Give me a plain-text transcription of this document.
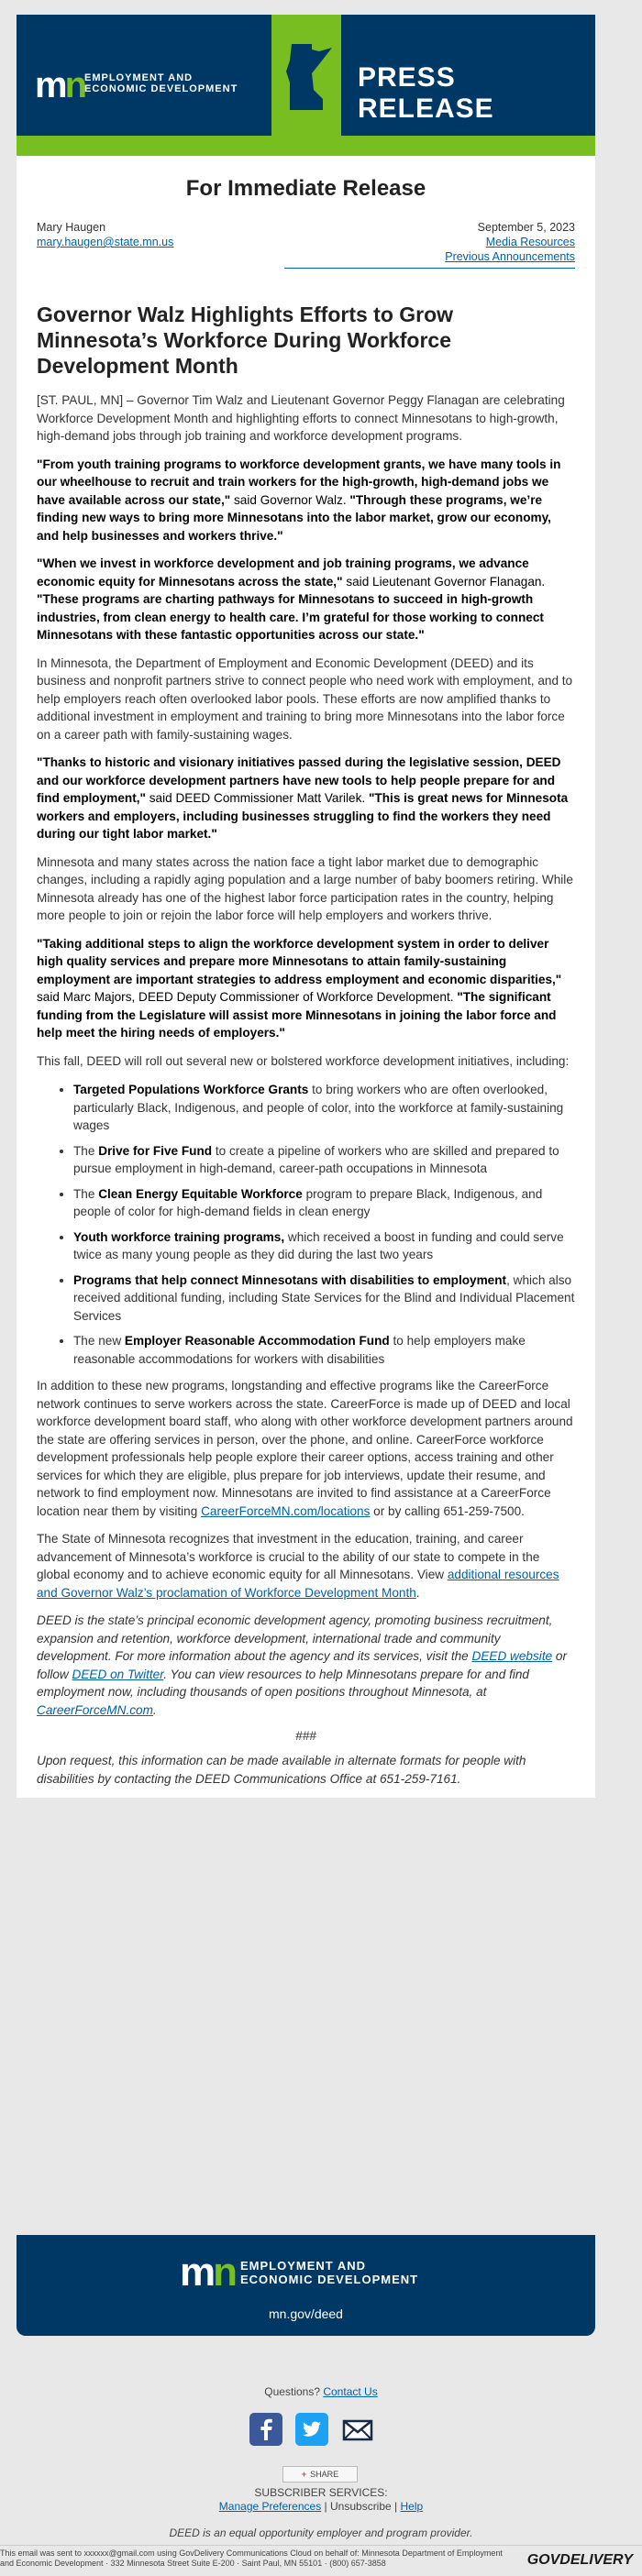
mn EMPLOYMENT AND
ECONOMIC DEVELOPMENT	PRESS RELEASE
For Immediate Release
Mary Haugen
mary.haugen@state.mn.us
September 5, 2023
Media Resources
Previous Announcements
Governor Walz Highlights Efforts to Grow Minnesota’s Workforce During Workforce Development Month

[ST. PAUL, MN] – Governor Tim Walz and Lieutenant Governor Peggy Flanagan are celebrating Workforce Development Month and highlighting efforts to connect Minnesotans to high-growth, high-demand jobs through job training and workforce development programs.

"From youth training programs to workforce development grants, we have many tools in our wheelhouse to recruit and train workers for the high-growth, high-demand jobs we have available across our state," said Governor Walz. "Through these programs, we’re finding new ways to bring more Minnesotans into the labor market, grow our economy, and help businesses and workers thrive."

"When we invest in workforce development and job training programs, we advance economic equity for Minnesotans across the state," said Lieutenant Governor Flanagan. "These programs are charting pathways for Minnesotans to succeed in high-growth industries, from clean energy to health care. I’m grateful for those working to connect Minnesotans with these fantastic opportunities across our state."

In Minnesota, the Department of Employment and Economic Development (DEED) and its business and nonprofit partners strive to connect people who need work with employment, and to help employers reach often overlooked labor pools. These efforts are now amplified thanks to additional investment in employment and training to bring more Minnesotans into the labor force on a career path with family-sustaining wages.

"Thanks to historic and visionary initiatives passed during the legislative session, DEED and our workforce development partners have new tools to help people prepare for and find employment," said DEED Commissioner Matt Varilek. "This is great news for Minnesota workers and employers, including businesses struggling to find the workers they need during our tight labor market."

Minnesota and many states across the nation face a tight labor market due to demographic changes, including a rapidly aging population and a large number of baby boomers retiring. While Minnesota already has one of the highest labor force participation rates in the country, helping more people to join or rejoin the labor force will help employers and workers thrive.

"Taking additional steps to align the workforce development system in order to deliver high quality services and prepare more Minnesotans to attain family-sustaining employment are important strategies to address employment and economic disparities," said Marc Majors, DEED Deputy Commissioner of Workforce Development. "The significant funding from the Legislature will assist more Minnesotans in joining the labor force and help meet the hiring needs of employers."

This fall, DEED will roll out several new or bolstered workforce development initiatives, including:

• Targeted Populations Workforce Grants to bring workers who are often overlooked, particularly Black, Indigenous, and people of color, into the workforce at family-sustaining wages
• The Drive for Five Fund to create a pipeline of workers who are skilled and prepared to pursue employment in high-demand, career-path occupations in Minnesota
• The Clean Energy Equitable Workforce program to prepare Black, Indigenous, and people of color for high-demand fields in clean energy
• Youth workforce training programs, which received a boost in funding and could serve twice as many young people as they did during the last two years
• Programs that help connect Minnesotans with disabilities to employment, which also received additional funding, including State Services for the Blind and Individual Placement Services
• The new Employer Reasonable Accommodation Fund to help employers make reasonable accommodations for workers with disabilities

In addition to these new programs, longstanding and effective programs like the CareerForce network continues to serve workers across the state. CareerForce is made up of DEED and local workforce development board staff, who along with other workforce development partners around the state are offering services in person, over the phone, and online. CareerForce workforce development professionals help people explore their career options, access training and other services for which they are eligible, plus prepare for job interviews, update their resume, and network to find employment now. Minnesotans are invited to find assistance at a CareerForce location near them by visiting CareerForceMN.com/locations or by calling 651-259-7500.

The State of Minnesota recognizes that investment in the education, training, and career advancement of Minnesota’s workforce is crucial to the ability of our state to compete in the global economy and to achieve economic equity for all Minnesotans. View additional resources and Governor Walz’s proclamation of Workforce Development Month.

DEED is the state’s principal economic development agency, promoting business recruitment, expansion and retention, workforce development, international trade and community development. For more information about the agency and its services, visit the DEED website or follow DEED on Twitter. You can view resources to help Minnesotans prepare for and find employment now, including thousands of open positions throughout Minnesota, at CareerForceMN.com.

###

Upon request, this information can be made available in alternate formats for people with disabilities by contacting the DEED Communications Office at 651-259-7161.

mn EMPLOYMENT AND
ECONOMIC DEVELOPMENT
mn.gov/deed
Questions? Contact Us
+ SHARE
SUBSCRIBER SERVICES:
Manage Preferences | Unsubscribe | Help
DEED is an equal opportunity employer and program provider.
This email was sent to xxxxxx@gmail.com using GovDelivery Communications Cloud on behalf of: Minnesota Department of Employment and Economic Development · 332 Minnesota Street Suite E-200 · Saint Paul, MN 55101 · (800) 657-3858	GOVDELIVERY
